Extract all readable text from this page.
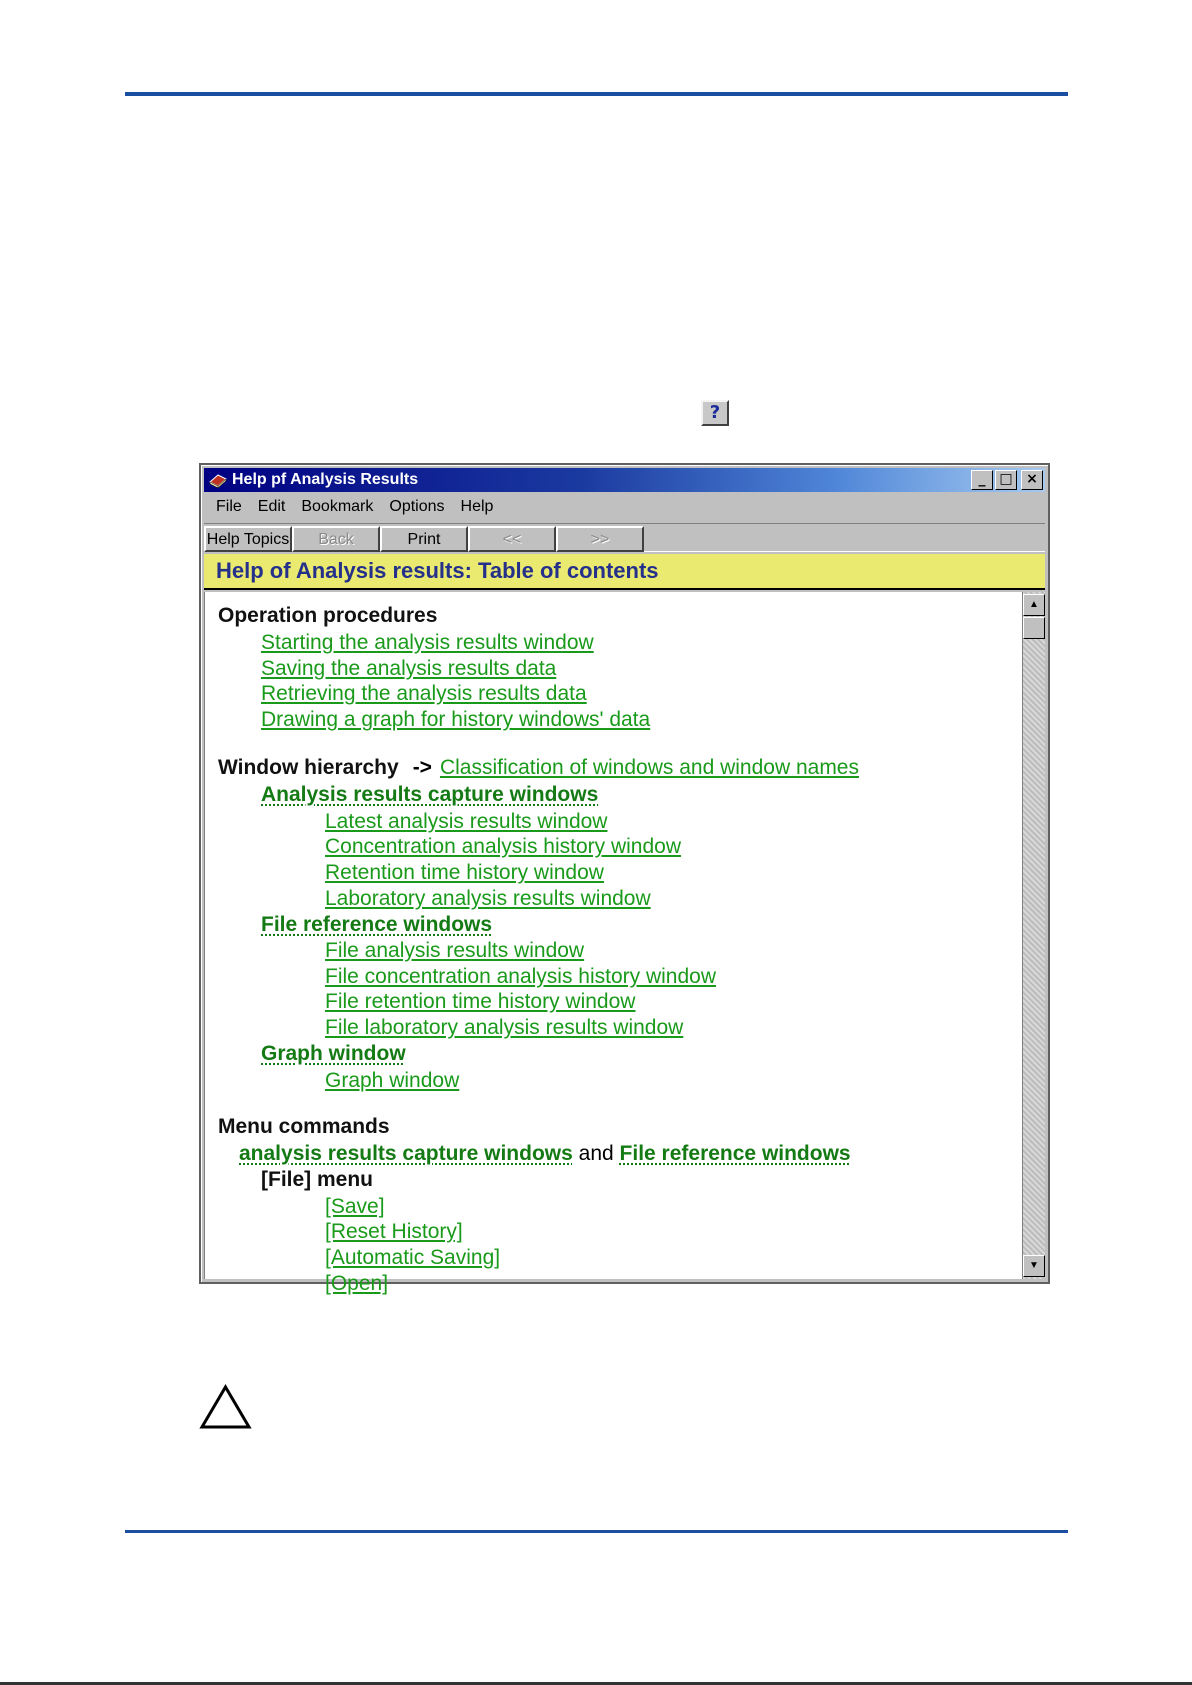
?
Help pf Analysis Results	_ □ ×
File	Edit	Bookmark	Options	Help
Help Topics	Back	Print	<<	>>
Help of Analysis results: Table of contents
Operation procedures
Starting the analysis results window
Saving the analysis results data
Retrieving the analysis results data
Drawing a graph for history windows' data
Window hierarchy -> Classification of windows and window names
Analysis results capture windows
Latest analysis results window
Concentration analysis history window
Retention time history window
Laboratory analysis results window
File reference windows
File analysis results window
File concentration analysis history window
File retention time history window
File laboratory analysis results window
Graph window
Graph window
Menu commands
analysis results capture windows and File reference windows
[File] menu
[Save]
[Reset History]
[Automatic Saving]
[Open]
▲
▼
